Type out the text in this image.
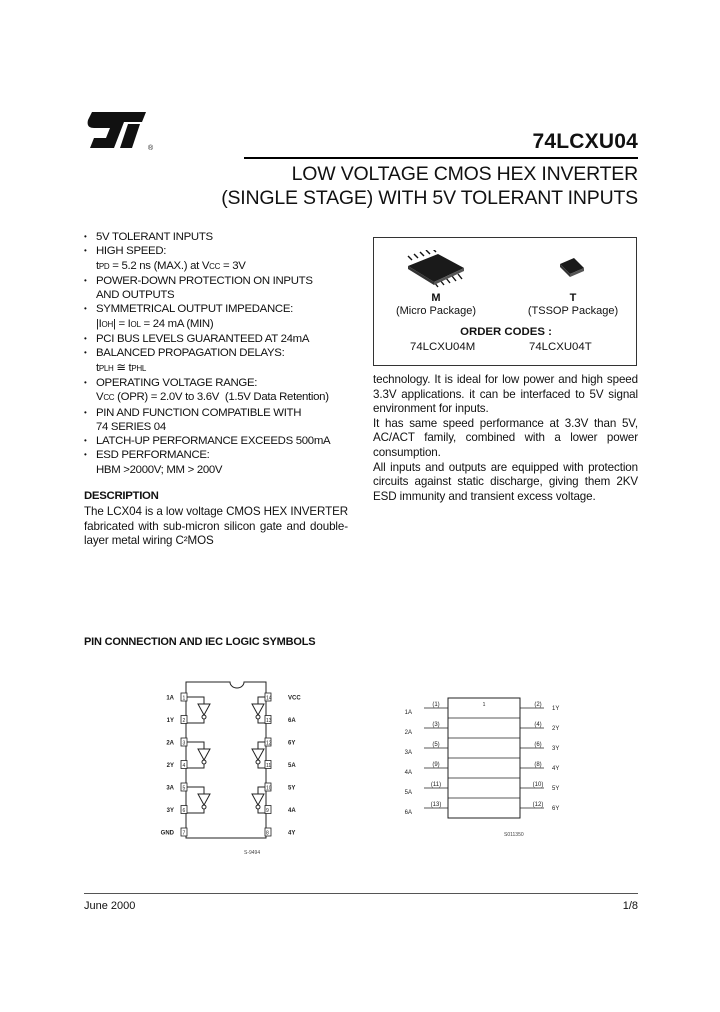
®	74LCXU04
LOW VOLTAGE CMOS HEX INVERTER
(SINGLE STAGE) WITH 5V TOLERANT INPUTS
• 5V TOLERANT INPUTS
• HIGH SPEED:
tPD = 5.2 ns (MAX.) at VCC = 3V
• POWER-DOWN PROTECTION ON INPUTS
AND OUTPUTS
• SYMMETRICAL OUTPUT IMPEDANCE:
|IOH| = IOL = 24 mA (MIN)
• PCI BUS LEVELS GUARANTEED AT 24mA
• BALANCED PROPAGATION DELAYS:
tPLH ≅ tPHL
• OPERATING VOLTAGE RANGE:
VCC (OPR) = 2.0V to 3.6V  (1.5V Data Retention)
• PIN AND FUNCTION COMPATIBLE WITH
74 SERIES 04
• LATCH-UP PERFORMANCE EXCEEDS 500mA
• ESD PERFORMANCE:
HBM >2000V; MM > 200V
DESCRIPTION
The LCX04 is a low voltage CMOS HEX INVERTER fabricated with sub-micron silicon gate and double-layer metal wiring C²MOS

technology. It is ideal for low power and high speed 3.3V applications. it can be interfaced to 5V signal environment for inputs.

It has same speed performance at 3.3V than 5V, AC/ACT family, combined with a lower power consumption.

All inputs and outputs are equipped with protection circuits against static discharge, giving them 2KV ESD immunity and transient excess voltage.

M
(Micro Package)
T
(TSSOP Package)
ORDER CODES :
74LCXU04M	74LCXU04T
PIN CONNECTION AND IEC LOGIC SYMBOLS
1
1A	14	VCC
2
1Y	13	6A
3
2A	12	6Y
4
2Y	11	5A
5
3A	10	5Y
6
3Y	9	4A
7
GND	8	4Y
S-9494
1
1A
(1)	(2)
1Y
2A
(3)	(4)
2Y
3A
(5)	(6)
3Y
4A
(9)	(8)
4Y
5A
(11)	(10)
5Y
6A
(13)	(12)
6Y
S011350
June 2000	1/8
